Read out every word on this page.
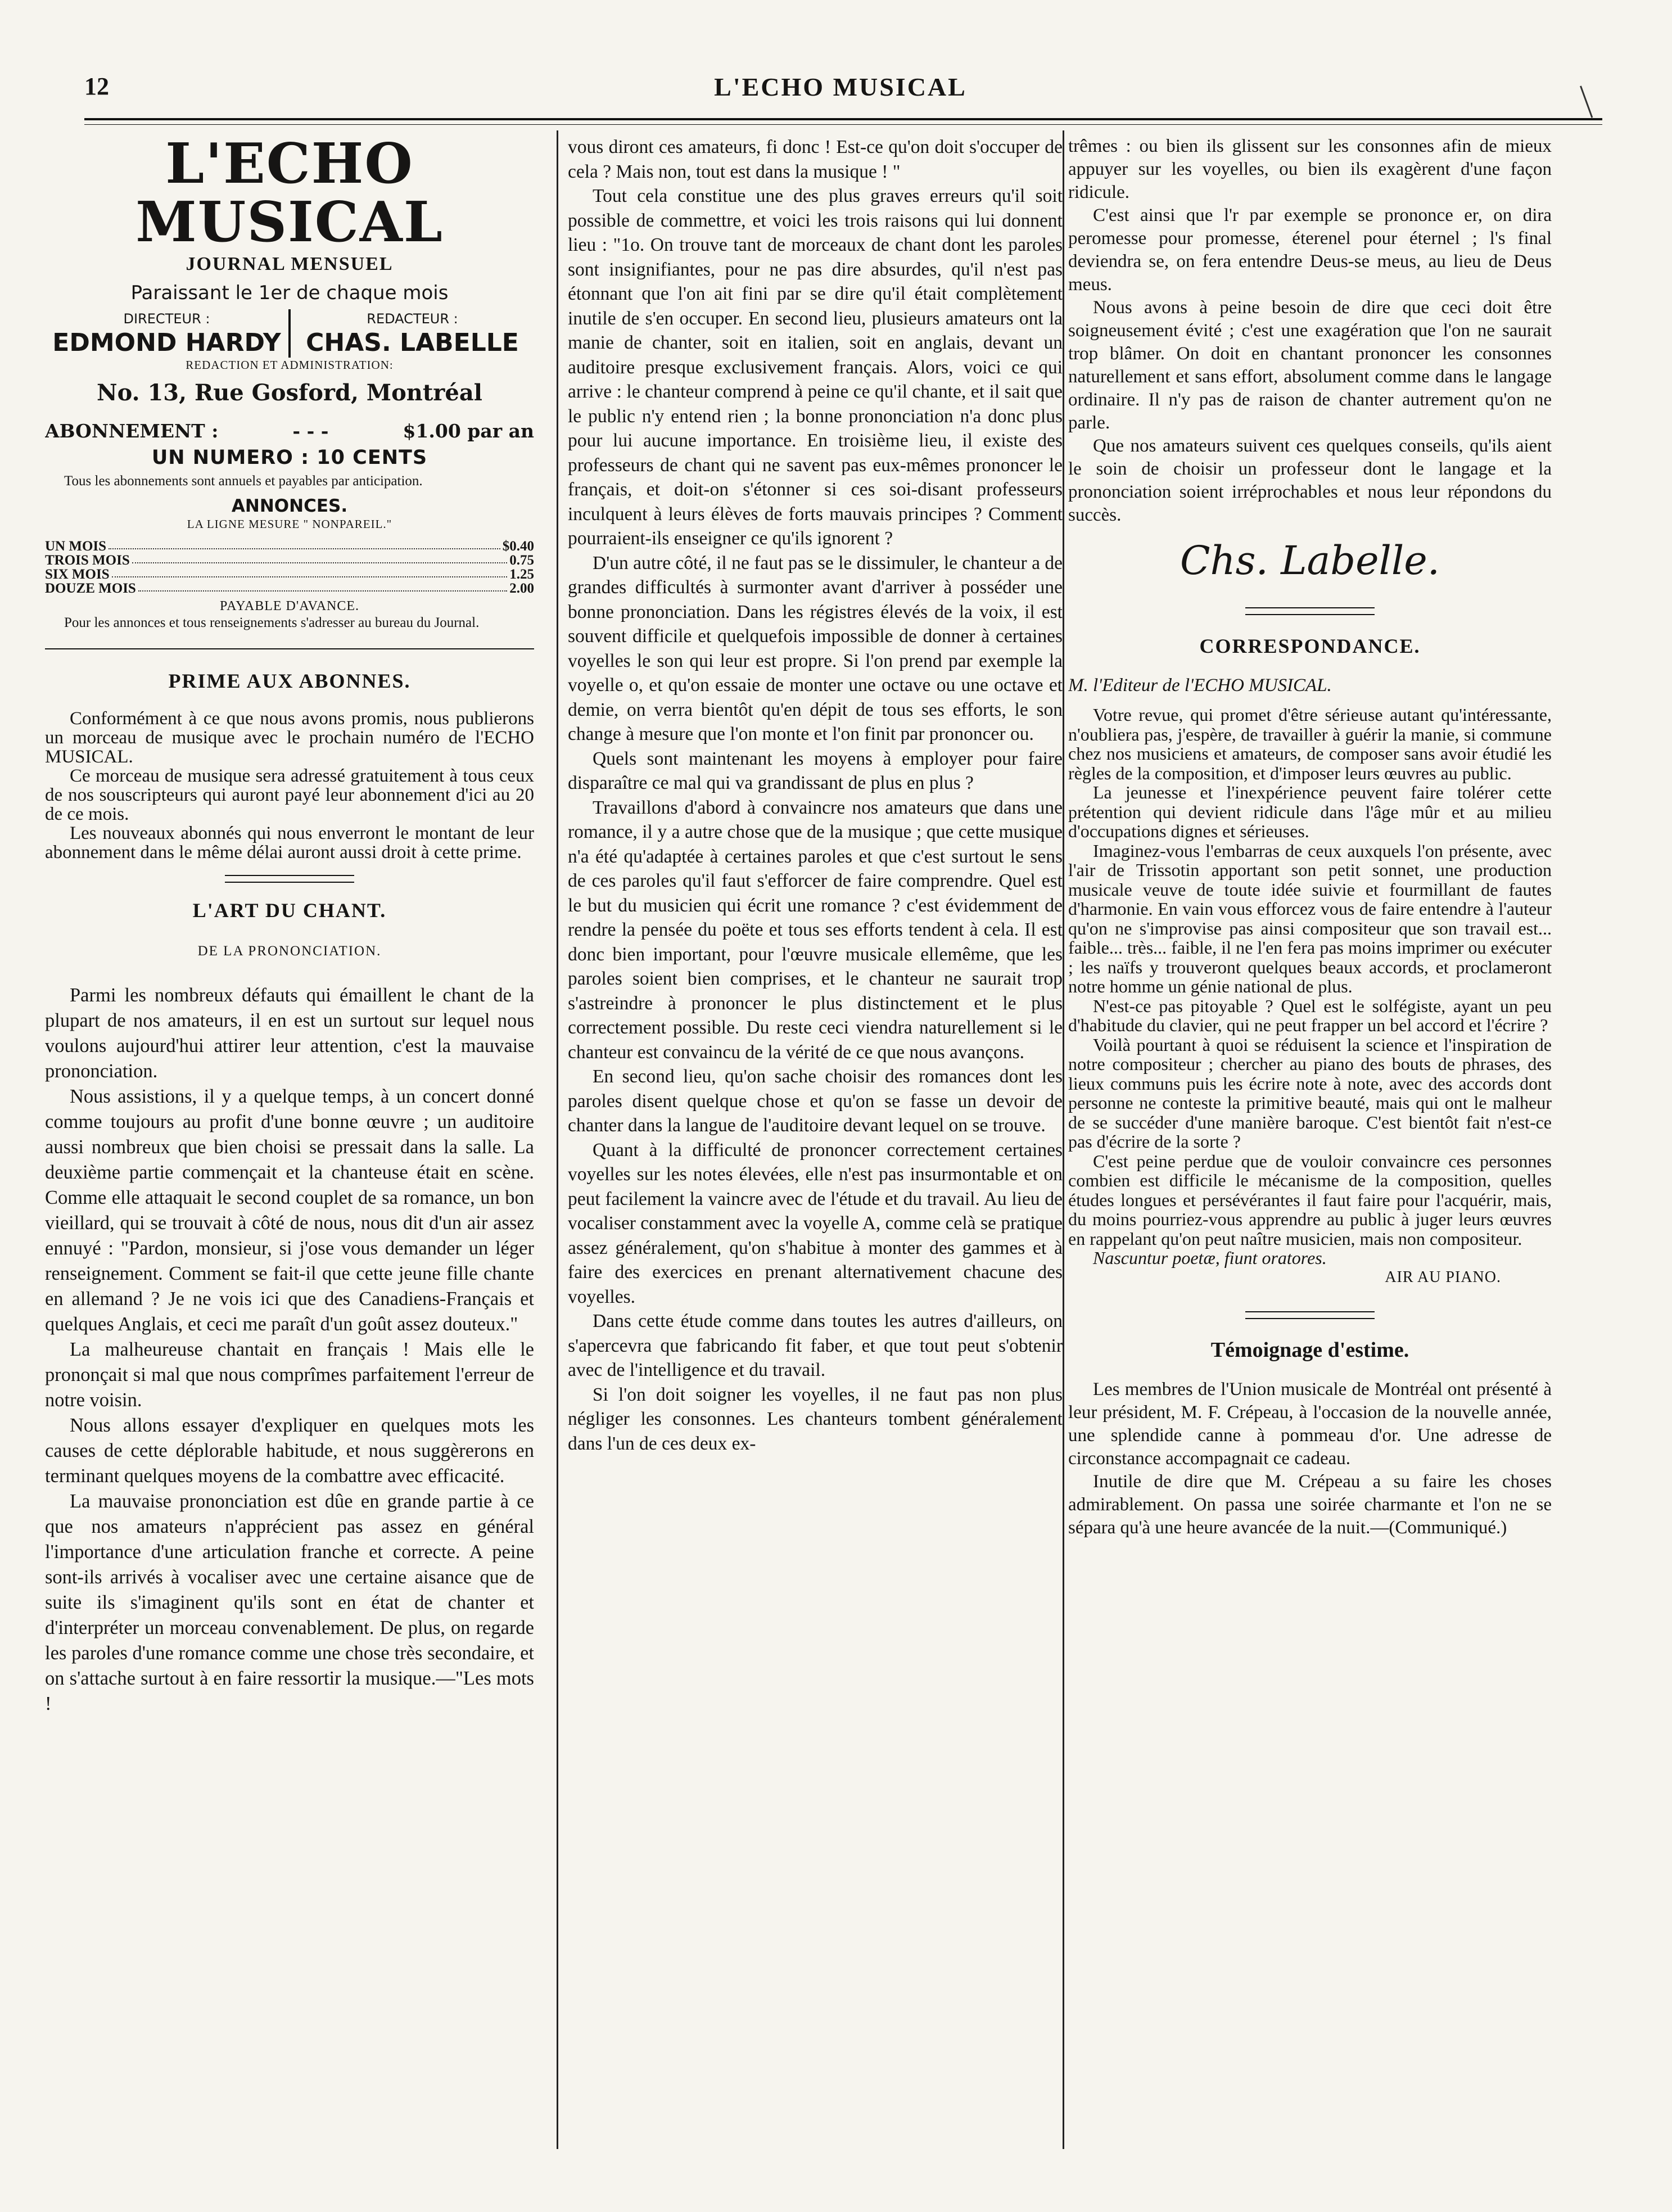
L'ECHO MUSICAL
12
L'ECHO MUSICAL
JOURNAL MENSUEL
Paraissant le 1er de chaque mois
DIRECTEUR :
EDMOND HARDY
REDACTEUR :
CHAS. LABELLE
REDACTION ET ADMINISTRATION:
No. 13, Rue Gosford, Montréal
ABONNEMENT :	- - -	$1.00 par an
UN NUMERO : 10 CENTS
Tous les abonnements sont annuels et payables par anticipation.
ANNONCES.
LA LIGNE MESURE " NONPAREIL."
UN MOIS	$0.40
TROIS MOIS	0.75
SIX MOIS	1.25
DOUZE MOIS	2.00
PAYABLE D'AVANCE.
Pour les annonces et tous renseignements s'adresser au bureau du Journal.
PRIME AUX ABONNES.

Conformément à ce que nous avons promis, nous publierons un morceau de musique avec le prochain numéro de l'ECHO MUSICAL.

Ce morceau de musique sera adressé gratuitement à tous ceux de nos souscripteurs qui auront payé leur abonnement d'ici au 20 de ce mois.

Les nouveaux abonnés qui nous enverront le montant de leur abonnement dans le même délai auront aussi droit à cette prime.

L'ART DU CHANT.
DE LA PRONONCIATION.

Parmi les nombreux défauts qui émaillent le chant de la plupart de nos amateurs, il en est un surtout sur lequel nous voulons aujourd'hui attirer leur attention, c'est la mauvaise prononciation.

Nous assistions, il y a quelque temps, à un concert donné comme toujours au profit d'une bonne œuvre ; un auditoire aussi nombreux que bien choisi se pressait dans la salle. La deuxième partie commençait et la chanteuse était en scène. Comme elle attaquait le second couplet de sa romance, un bon vieillard, qui se trouvait à côté de nous, nous dit d'un air assez ennuyé : "Pardon, monsieur, si j'ose vous demander un léger renseignement. Comment se fait-il que cette jeune fille chante en allemand ? Je ne vois ici que des Canadiens-Français et quelques Anglais, et ceci me paraît d'un goût assez douteux."

La malheureuse chantait en français ! Mais elle le prononçait si mal que nous comprîmes parfaitement l'erreur de notre voisin.

Nous allons essayer d'expliquer en quelques mots les causes de cette déplorable habitude, et nous suggèrerons en terminant quelques moyens de la combattre avec efficacité.

La mauvaise prononciation est dûe en grande partie à ce que nos amateurs n'apprécient pas assez en général l'importance d'une articulation franche et correcte. A peine sont-ils arrivés à vocaliser avec une certaine aisance que de suite ils s'imaginent qu'ils sont en état de chanter et d'interpréter un morceau convenablement. De plus, on regarde les paroles d'une romance comme une chose très secondaire, et on s'attache surtout à en faire ressortir la musique.—"Les mots !

vous diront ces amateurs, fi donc ! Est-ce qu'on doit s'occuper de cela ? Mais non, tout est dans la musique ! "

Tout cela constitue une des plus graves erreurs qu'il soit possible de commettre, et voici les trois raisons qui lui donnent lieu : "1o. On trouve tant de morceaux de chant dont les paroles sont insignifiantes, pour ne pas dire absurdes, qu'il n'est pas étonnant que l'on ait fini par se dire qu'il était complètement inutile de s'en occuper. En second lieu, plusieurs amateurs ont la manie de chanter, soit en italien, soit en anglais, devant un auditoire presque exclusivement français. Alors, voici ce qui arrive : le chanteur comprend à peine ce qu'il chante, et il sait que le public n'y entend rien ; la bonne prononciation n'a donc plus pour lui aucune importance. En troisième lieu, il existe des professeurs de chant qui ne savent pas eux-mêmes prononcer le français, et doit-on s'étonner si ces soi-disant professeurs inculquent à leurs élèves de forts mauvais principes ? Comment pourraient-ils enseigner ce qu'ils ignorent ?

D'un autre côté, il ne faut pas se le dissimuler, le chanteur a de grandes difficultés à surmonter avant d'arriver à posséder une bonne prononciation. Dans les régistres élevés de la voix, il est souvent difficile et quelquefois impossible de donner à certaines voyelles le son qui leur est propre. Si l'on prend par exemple la voyelle o, et qu'on essaie de monter une octave ou une octave et demie, on verra bientôt qu'en dépit de tous ses efforts, le son change à mesure que l'on monte et l'on finit par prononcer ou.

Quels sont maintenant les moyens à employer pour faire disparaître ce mal qui va grandissant de plus en plus ?

Travaillons d'abord à convaincre nos amateurs que dans une romance, il y a autre chose que de la musique ; que cette musique n'a été qu'adaptée à certaines paroles et que c'est surtout le sens de ces paroles qu'il faut s'efforcer de faire comprendre. Quel est le but du musicien qui écrit une romance ? c'est évidemment de rendre la pensée du poëte et tous ses efforts tendent à cela. Il est donc bien important, pour l'œuvre musicale ellemême, que les paroles soient bien comprises, et le chanteur ne saurait trop s'astreindre à prononcer le plus distinctement et le plus correctement possible. Du reste ceci viendra naturellement si le chanteur est convaincu de la vérité de ce que nous avançons.

En second lieu, qu'on sache choisir des romances dont les paroles disent quelque chose et qu'on se fasse un devoir de chanter dans la langue de l'auditoire devant lequel on se trouve.

Quant à la difficulté de prononcer correctement certaines voyelles sur les notes élevées, elle n'est pas insurmontable et on peut facilement la vaincre avec de l'étude et du travail. Au lieu de vocaliser constamment avec la voyelle A, comme celà se pratique assez généralement, qu'on s'habitue à monter des gammes et à faire des exercices en prenant alternativement chacune des voyelles.

Dans cette étude comme dans toutes les autres d'ailleurs, on s'apercevra que fabricando fit faber, et que tout peut s'obtenir avec de l'intelligence et du travail.

Si l'on doit soigner les voyelles, il ne faut pas non plus négliger les consonnes. Les chanteurs tombent généralement dans l'un de ces deux ex-

trêmes : ou bien ils glissent sur les consonnes afin de mieux appuyer sur les voyelles, ou bien ils exagèrent d'une façon ridicule.

C'est ainsi que l'r par exemple se prononce er, on dira peromesse pour promesse, éterenel pour éternel ; l's final deviendra se, on fera entendre Deus-se meus, au lieu de Deus meus.

Nous avons à peine besoin de dire que ceci doit être soigneusement évité ; c'est une exagération que l'on ne saurait trop blâmer. On doit en chantant prononcer les consonnes naturellement et sans effort, absolument comme dans le langage ordinaire. Il n'y pas de raison de chanter autrement qu'on ne parle.

Que nos amateurs suivent ces quelques conseils, qu'ils aient le soin de choisir un professeur dont le langage et la prononciation soient irréprochables et nous leur répondons du succès.

Chs. Labelle.
CORRESPONDANCE.
M. l'Editeur de l'ECHO MUSICAL.

Votre revue, qui promet d'être sérieuse autant qu'intéressante, n'oubliera pas, j'espère, de travailler à guérir la manie, si commune chez nos musiciens et amateurs, de composer sans avoir étudié les règles de la composition, et d'imposer leurs œuvres au public.

La jeunesse et l'inexpérience peuvent faire tolérer cette prétention qui devient ridicule dans l'âge mûr et au milieu d'occupations dignes et sérieuses.

Imaginez-vous l'embarras de ceux auxquels l'on présente, avec l'air de Trissotin apportant son petit sonnet, une production musicale veuve de toute idée suivie et fourmillant de fautes d'harmonie. En vain vous efforcez vous de faire entendre à l'auteur qu'on ne s'improvise pas ainsi compositeur que son travail est... faible... très... faible, il ne l'en fera pas moins imprimer ou exécuter ; les naïfs y trouveront quelques beaux accords, et proclameront notre homme un génie national de plus.

N'est-ce pas pitoyable ? Quel est le solfégiste, ayant un peu d'habitude du clavier, qui ne peut frapper un bel accord et l'écrire ?

Voilà pourtant à quoi se réduisent la science et l'inspiration de notre compositeur ; chercher au piano des bouts de phrases, des lieux communs puis les écrire note à note, avec des accords dont personne ne conteste la primitive beauté, mais qui ont le malheur de se succéder d'une manière baroque. C'est bientôt fait n'est-ce pas d'écrire de la sorte ?

C'est peine perdue que de vouloir convaincre ces personnes combien est difficile le mécanisme de la composition, quelles études longues et persévérantes il faut faire pour l'acquérir, mais, du moins pourriez-vous apprendre au public à juger leurs œuvres en rappelant qu'on peut naître musicien, mais non compositeur.

Nascuntur poetæ, fiunt oratores.

AIR AU PIANO.
Témoignage d'estime.

Les membres de l'Union musicale de Montréal ont présenté à leur président, M. F. Crépeau, à l'occasion de la nouvelle année, une splendide canne à pommeau d'or. Une adresse de circonstance accompagnait ce cadeau.

Inutile de dire que M. Crépeau a su faire les choses admirablement. On passa une soirée charmante et l'on ne se sépara qu'à une heure avancée de la nuit.—(Communiqué.)
